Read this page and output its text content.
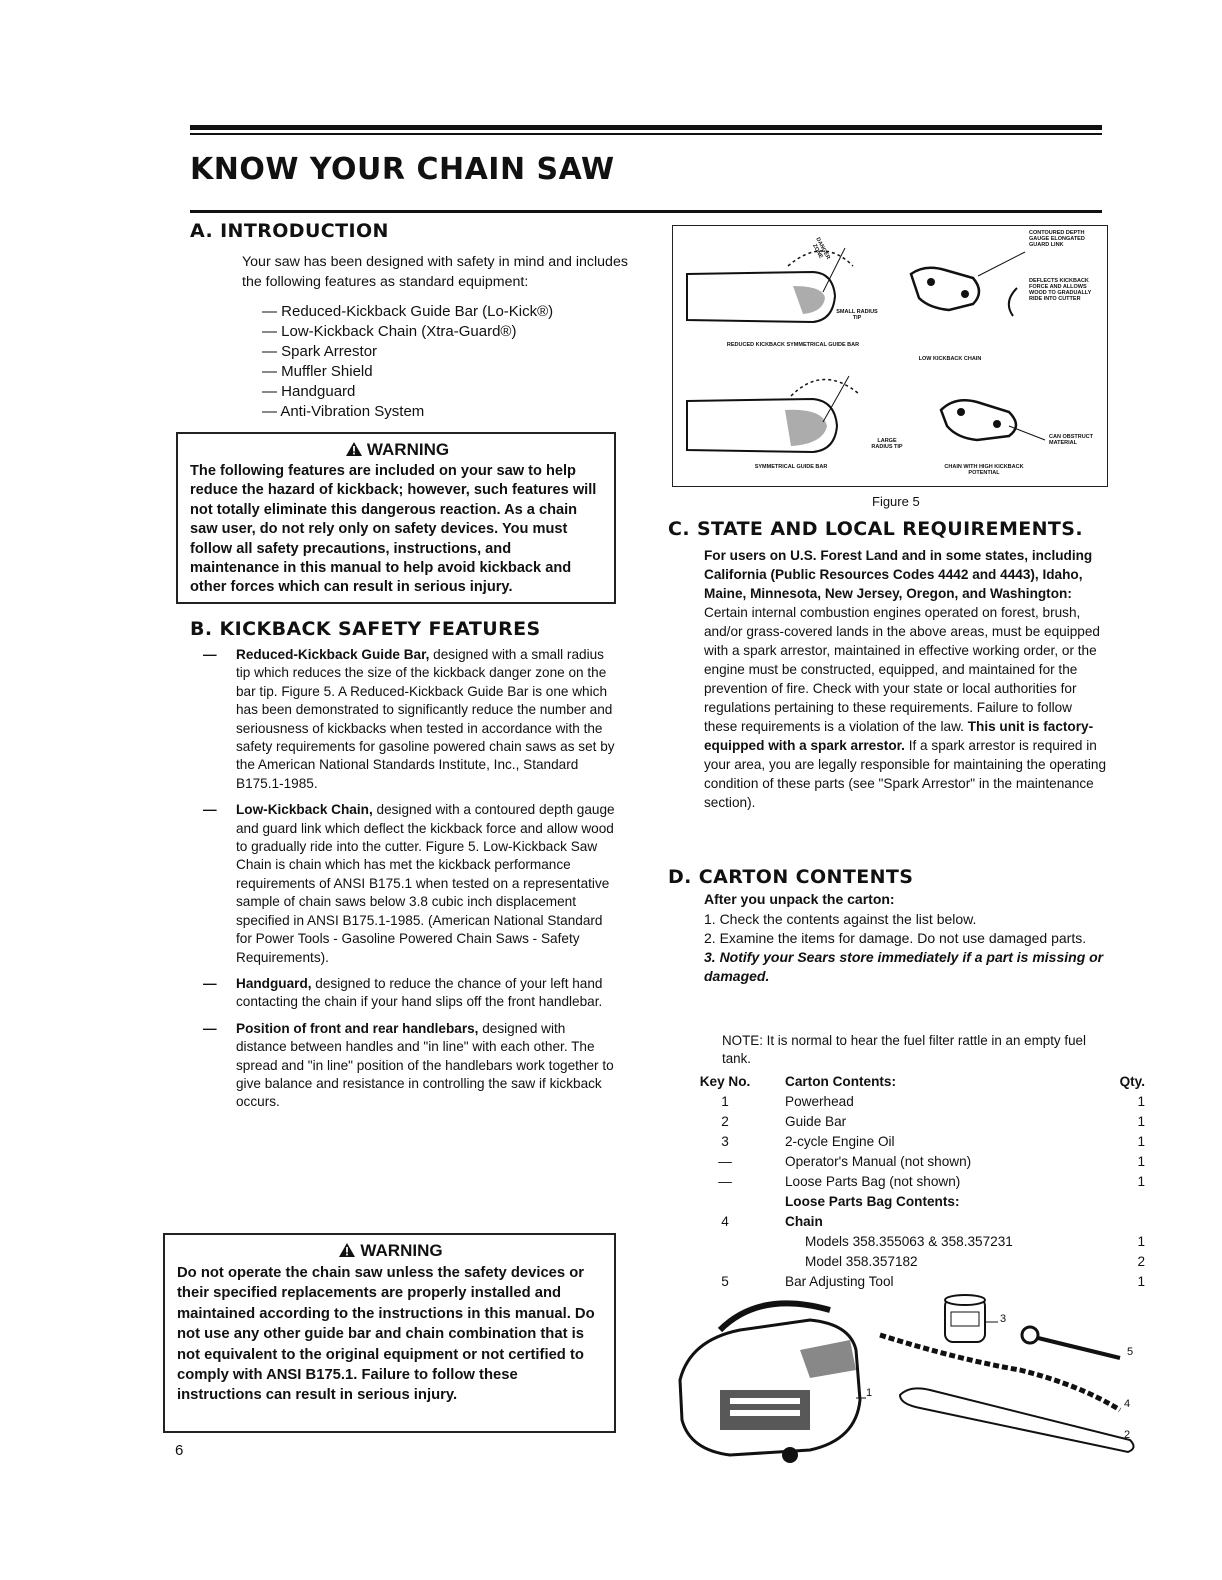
KNOW YOUR CHAIN SAW
A. INTRODUCTION
Your saw has been designed with safety in mind and includes the following features as standard equipment:
— Reduced-Kickback Guide Bar (Lo-Kick®)
— Low-Kickback Chain (Xtra-Guard®)
— Spark Arrestor
— Muffler Shield
— Handguard
— Anti-Vibration System
WARNING
The following features are included on your saw to help reduce the hazard of kickback; however, such features will not totally eliminate this dangerous reaction. As a chain saw user, do not rely only on safety devices. You must follow all safety precautions, instructions, and maintenance in this manual to help avoid kickback and other forces which can result in serious injury.
B. KICKBACK SAFETY FEATURES
— Reduced-Kickback Guide Bar, designed with a small radius tip which reduces the size of the kickback danger zone on the bar tip. Figure 5. A Reduced-Kickback Guide Bar is one which has been demonstrated to significantly reduce the number and seriousness of kickbacks when tested in accordance with the safety requirements for gasoline powered chain saws as set by the American National Standards Institute, Inc., Standard B175.1-1985.
— Low-Kickback Chain, designed with a contoured depth gauge and guard link which deflect the kickback force and allow wood to gradually ride into the cutter. Figure 5. Low-Kickback Saw Chain is chain which has met the kickback performance requirements of ANSI B175.1 when tested on a representative sample of chain saws below 3.8 cubic inch displacement specified in ANSI B175.1-1985. (American National Standard for Power Tools - Gasoline Powered Chain Saws - Safety Requirements).
— Handguard, designed to reduce the chance of your left hand contacting the chain if your hand slips off the front handlebar.
— Position of front and rear handlebars, designed with distance between handles and "in line" with each other. The spread and "in line" position of the handlebars work together to give balance and resistance in controlling the saw if kickback occurs.
WARNING
Do not operate the chain saw unless the safety devices or their specified replacements are properly installed and maintained according to the instructions in this manual. Do not use any other guide bar and chain combination that is not equivalent to the original equipment or not certified to comply with ANSI B175.1. Failure to follow these instructions can result in serious injury.
6
DANGER ZONE
SMALL RADIUS TIP
REDUCED KICKBACK SYMMETRICAL GUIDE BAR
LOW KICKBACK CHAIN
CONTOURED DEPTH GAUGE ELONGATED GUARD LINK
DEFLECTS KICKBACK FORCE AND ALLOWS WOOD TO GRADUALLY RIDE INTO CUTTER
LARGE RADIUS TIP
SYMMETRICAL GUIDE BAR	CHAIN WITH HIGH KICKBACK POTENTIAL
CAN OBSTRUCT MATERIAL
Figure 5
C. STATE AND LOCAL REQUIREMENTS.
For users on U.S. Forest Land and in some states, including California (Public Resources Codes 4442 and 4443), Idaho, Maine, Minnesota, New Jersey, Oregon, and Washington: Certain internal combustion engines operated on forest, brush, and/or grass-covered lands in the above areas, must be equipped with a spark arrestor, maintained in effective working order, or the engine must be constructed, equipped, and maintained for the prevention of fire. Check with your state or local authorities for regulations pertaining to these requirements. Failure to follow these requirements is a violation of the law. This unit is factory-equipped with a spark arrestor. If a spark arrestor is required in your area, you are legally responsible for maintaining the operating condition of these parts (see "Spark Arrestor" in the maintenance section).
D. CARTON CONTENTS
After you unpack the carton:
1. Check the contents against the list below.
2. Examine the items for damage. Do not use damaged parts.
3. Notify your Sears store immediately if a part is missing or damaged.
NOTE: It is normal to hear the fuel filter rattle in an empty fuel tank.
Key No.	Carton Contents:	Qty.
1	Powerhead	1
2	Guide Bar	1
3	2-cycle Engine Oil	1
—	Operator's Manual (not shown)	1
—	Loose Parts Bag (not shown)	1
	Loose Parts Bag Contents:	
4	Chain	
	Models 358.355063 & 358.357231	1
	Model 358.357182	2
5	Bar Adjusting Tool	1
1
2
3
4
5
